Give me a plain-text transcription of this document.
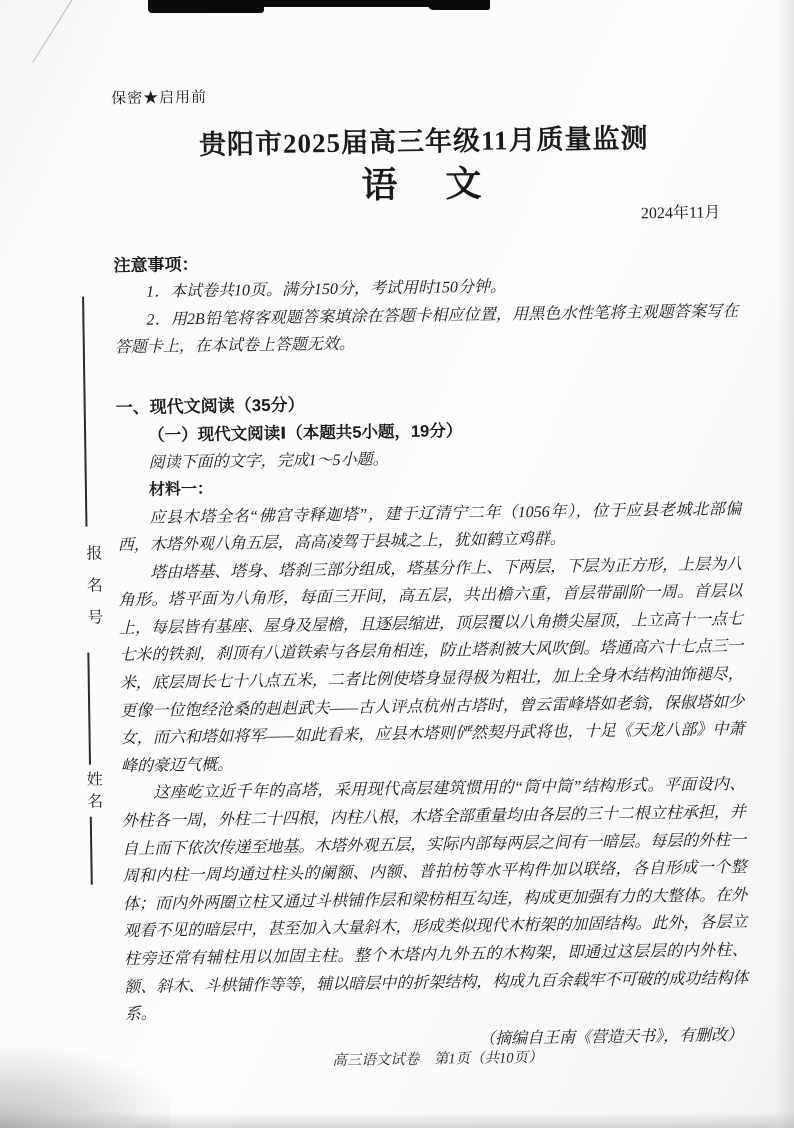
报名号
姓名
保密★启用前
贵阳市2025届高三年级11月质量监测
语　文
2024年11月
注意事项：

1．本试卷共10页。满分150分，考试用时150分钟。

2．用2B铅笔将客观题答案填涂在答题卡相应位置，用黑色水性笔将主观题答案写在答题卡上，在本试卷上答题无效。

一、现代文阅读（35分）
（一）现代文阅读Ⅰ（本题共5小题，19分）

阅读下面的文字，完成1～5小题。

材料一：

应县木塔全名“佛宫寺释迦塔”，建于辽清宁二年（1056年），位于应县老城北部偏西，木塔外观八角五层，高高凌驾于县城之上，犹如鹤立鸡群。

塔由塔基、塔身、塔刹三部分组成，塔基分作上、下两层，下层为正方形，上层为八角形。塔平面为八角形，每面三开间，高五层，共出檐六重，首层带副阶一周。首层以上，每层皆有基座、屋身及屋檐，且逐层缩进，顶层覆以八角攒尖屋顶，上立高十一点七七米的铁刹，刹顶有八道铁索与各层角相连，防止塔刹被大风吹倒。塔通高六十七点三一米，底层周长七十八点五米，二者比例使塔身显得极为粗壮，加上全身木结构油饰褪尽，更像一位饱经沧桑的赳赳武夫——古人评点杭州古塔时，曾云雷峰塔如老翁，保俶塔如少女，而六和塔如将军——如此看来，应县木塔则俨然契丹武将也，十足《天龙八部》中萧峰的豪迈气概。

这座屹立近千年的高塔，采用现代高层建筑惯用的“筒中筒”结构形式。平面设内、外柱各一周，外柱二十四根，内柱八根，木塔全部重量均由各层的三十二根立柱承担，并自上而下依次传递至地基。木塔外观五层，实际内部每两层之间有一暗层。每层的外柱一周和内柱一周均通过柱头的阑额、内额、普拍枋等水平构件加以联络，各自形成一个整体；而内外两圈立柱又通过斗栱铺作层和梁枋相互勾连，构成更加强有力的大整体。在外观看不见的暗层中，甚至加入大量斜木，形成类似现代木桁架的加固结构。此外，各层立柱旁还常有辅柱用以加固主柱。整个木塔内九外五的木构架，即通过这层层的内外柱、额、斜木、斗栱铺作等等，辅以暗层中的折架结构，构成九百余载牢不可破的成功结构体系。

（摘编自王南《营造天书》，有删改）

高三语文试卷　第1页（共10页）
